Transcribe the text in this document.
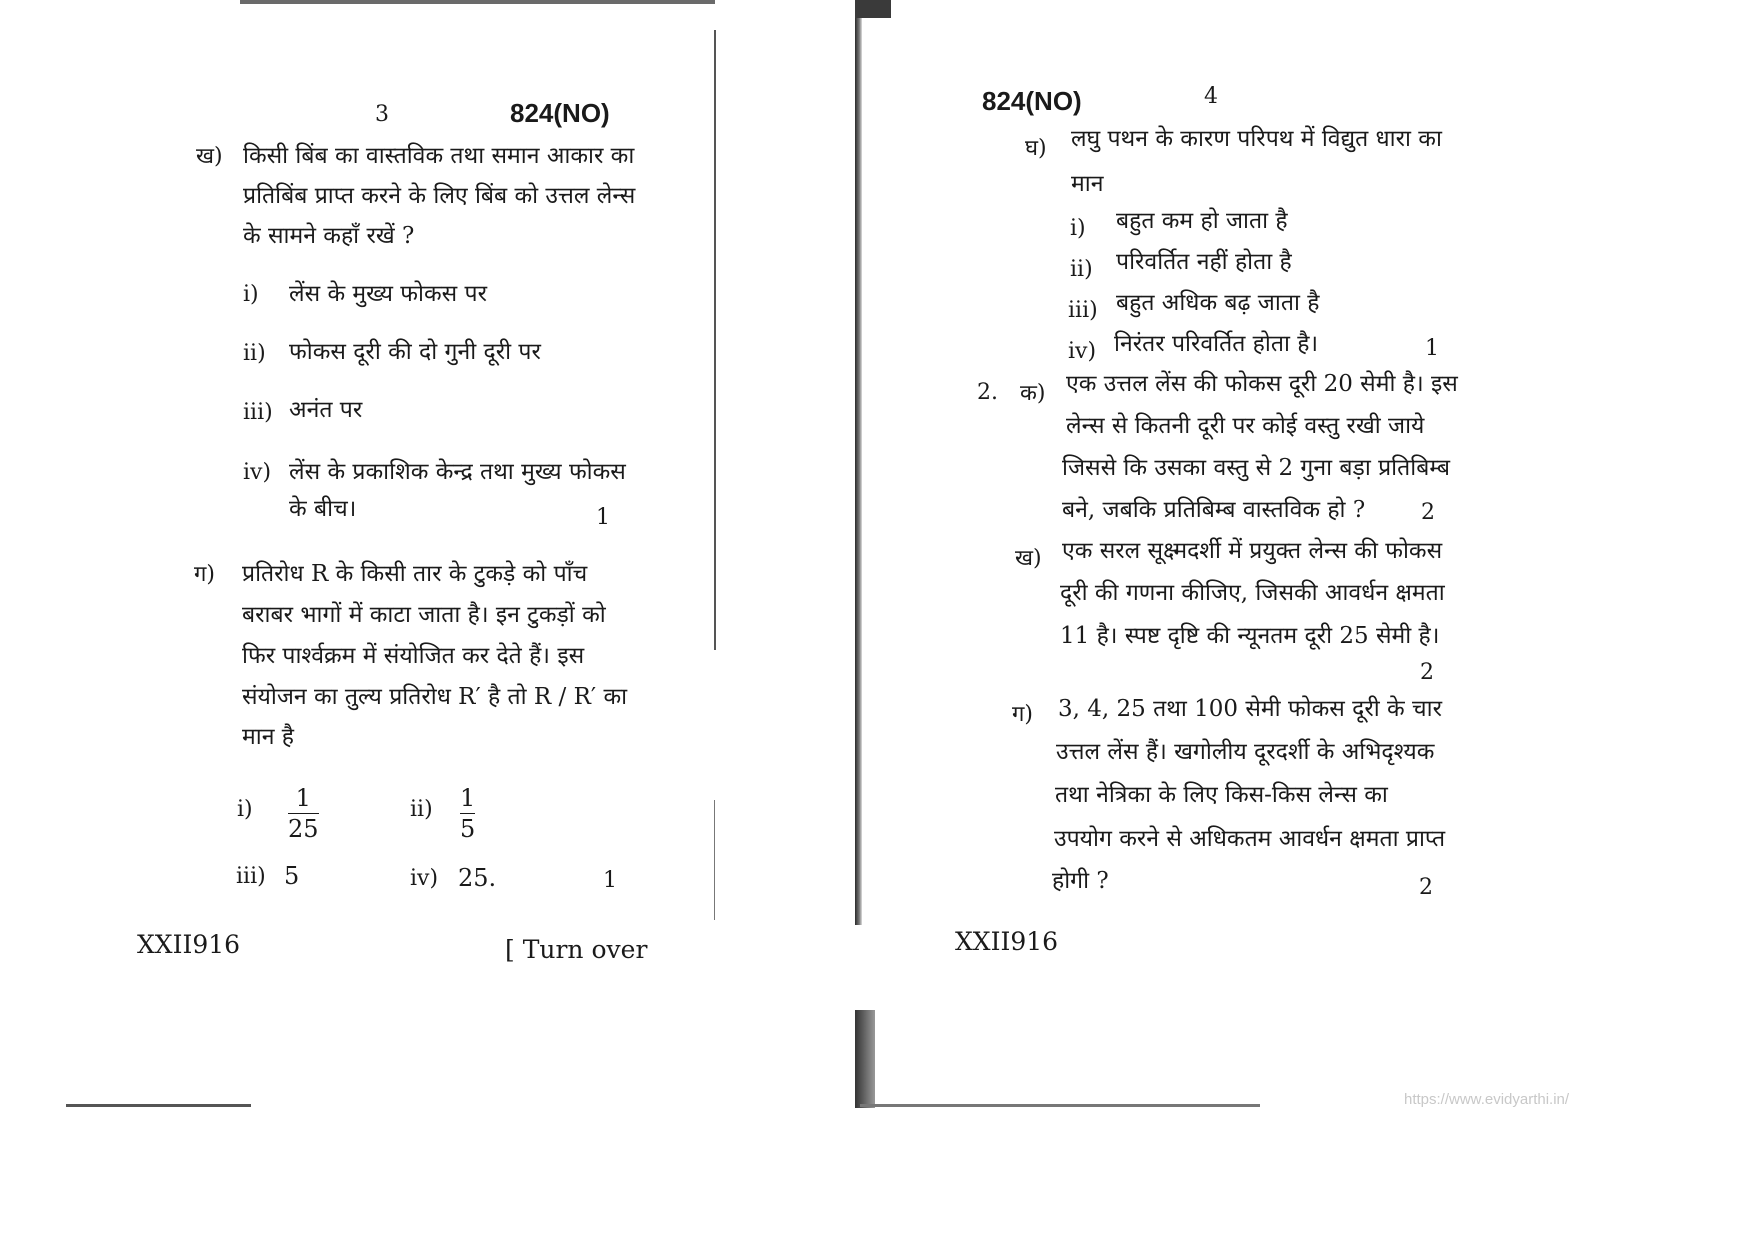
3	824(NO)
ख) किसी बिंब का वास्तविक तथा समान आकार का
प्रतिबिंब प्राप्त करने के लिए बिंब को उत्तल लेन्स
के सामने कहाँ रखें ?
i) लेंस के मुख्य फोकस पर
ii) फोकस दूरी की दो गुनी दूरी पर
iii) अनंत पर
iv) लेंस के प्रकाशिक केन्द्र तथा मुख्य फोकस
के बीच।	1
ग) प्रतिरोध R के किसी तार के टुकड़े को पाँच
बराबर भागों में काटा जाता है। इन टुकड़ों को
फिर पार्श्वक्रम में संयोजित कर देते हैं। इस
संयोजन का तुल्य प्रतिरोध R′ है तो R / R′ का
मान है
i) 1
25
ii) 1
5
iii) 5	iv) 25.	1
XXII916	[ Turn over
824(NO)	4
घ) लघु पथन के कारण परिपथ में विद्युत धारा का
मान
i) बहुत कम हो जाता है
ii) परिवर्तित नहीं होता है
iii) बहुत अधिक बढ़ जाता है
iv) निरंतर परिवर्तित होता है।	1
2. क) एक उत्तल लेंस की फोकस दूरी 20 सेमी है। इस
लेन्स से कितनी दूरी पर कोई वस्तु रखी जाये
जिससे कि उसका वस्तु से 2 गुना बड़ा प्रतिबिम्ब
बने, जबकि प्रतिबिम्ब वास्तविक हो ?	2
ख) एक सरल सूक्ष्मदर्शी में प्रयुक्त लेन्स की फोकस
दूरी की गणना कीजिए, जिसकी आवर्धन क्षमता
11 है। स्पष्ट दृष्टि की न्यूनतम दूरी 25 सेमी है।
2
ग) 3, 4, 25 तथा 100 सेमी फोकस दूरी के चार
उत्तल लेंस हैं। खगोलीय दूरदर्शी के अभिदृश्यक
तथा नेत्रिका के लिए किस-किस लेन्स का
उपयोग करने से अधिकतम आवर्धन क्षमता प्राप्त
होगी ?	2
XXII916
https://www.evidyarthi.in/
